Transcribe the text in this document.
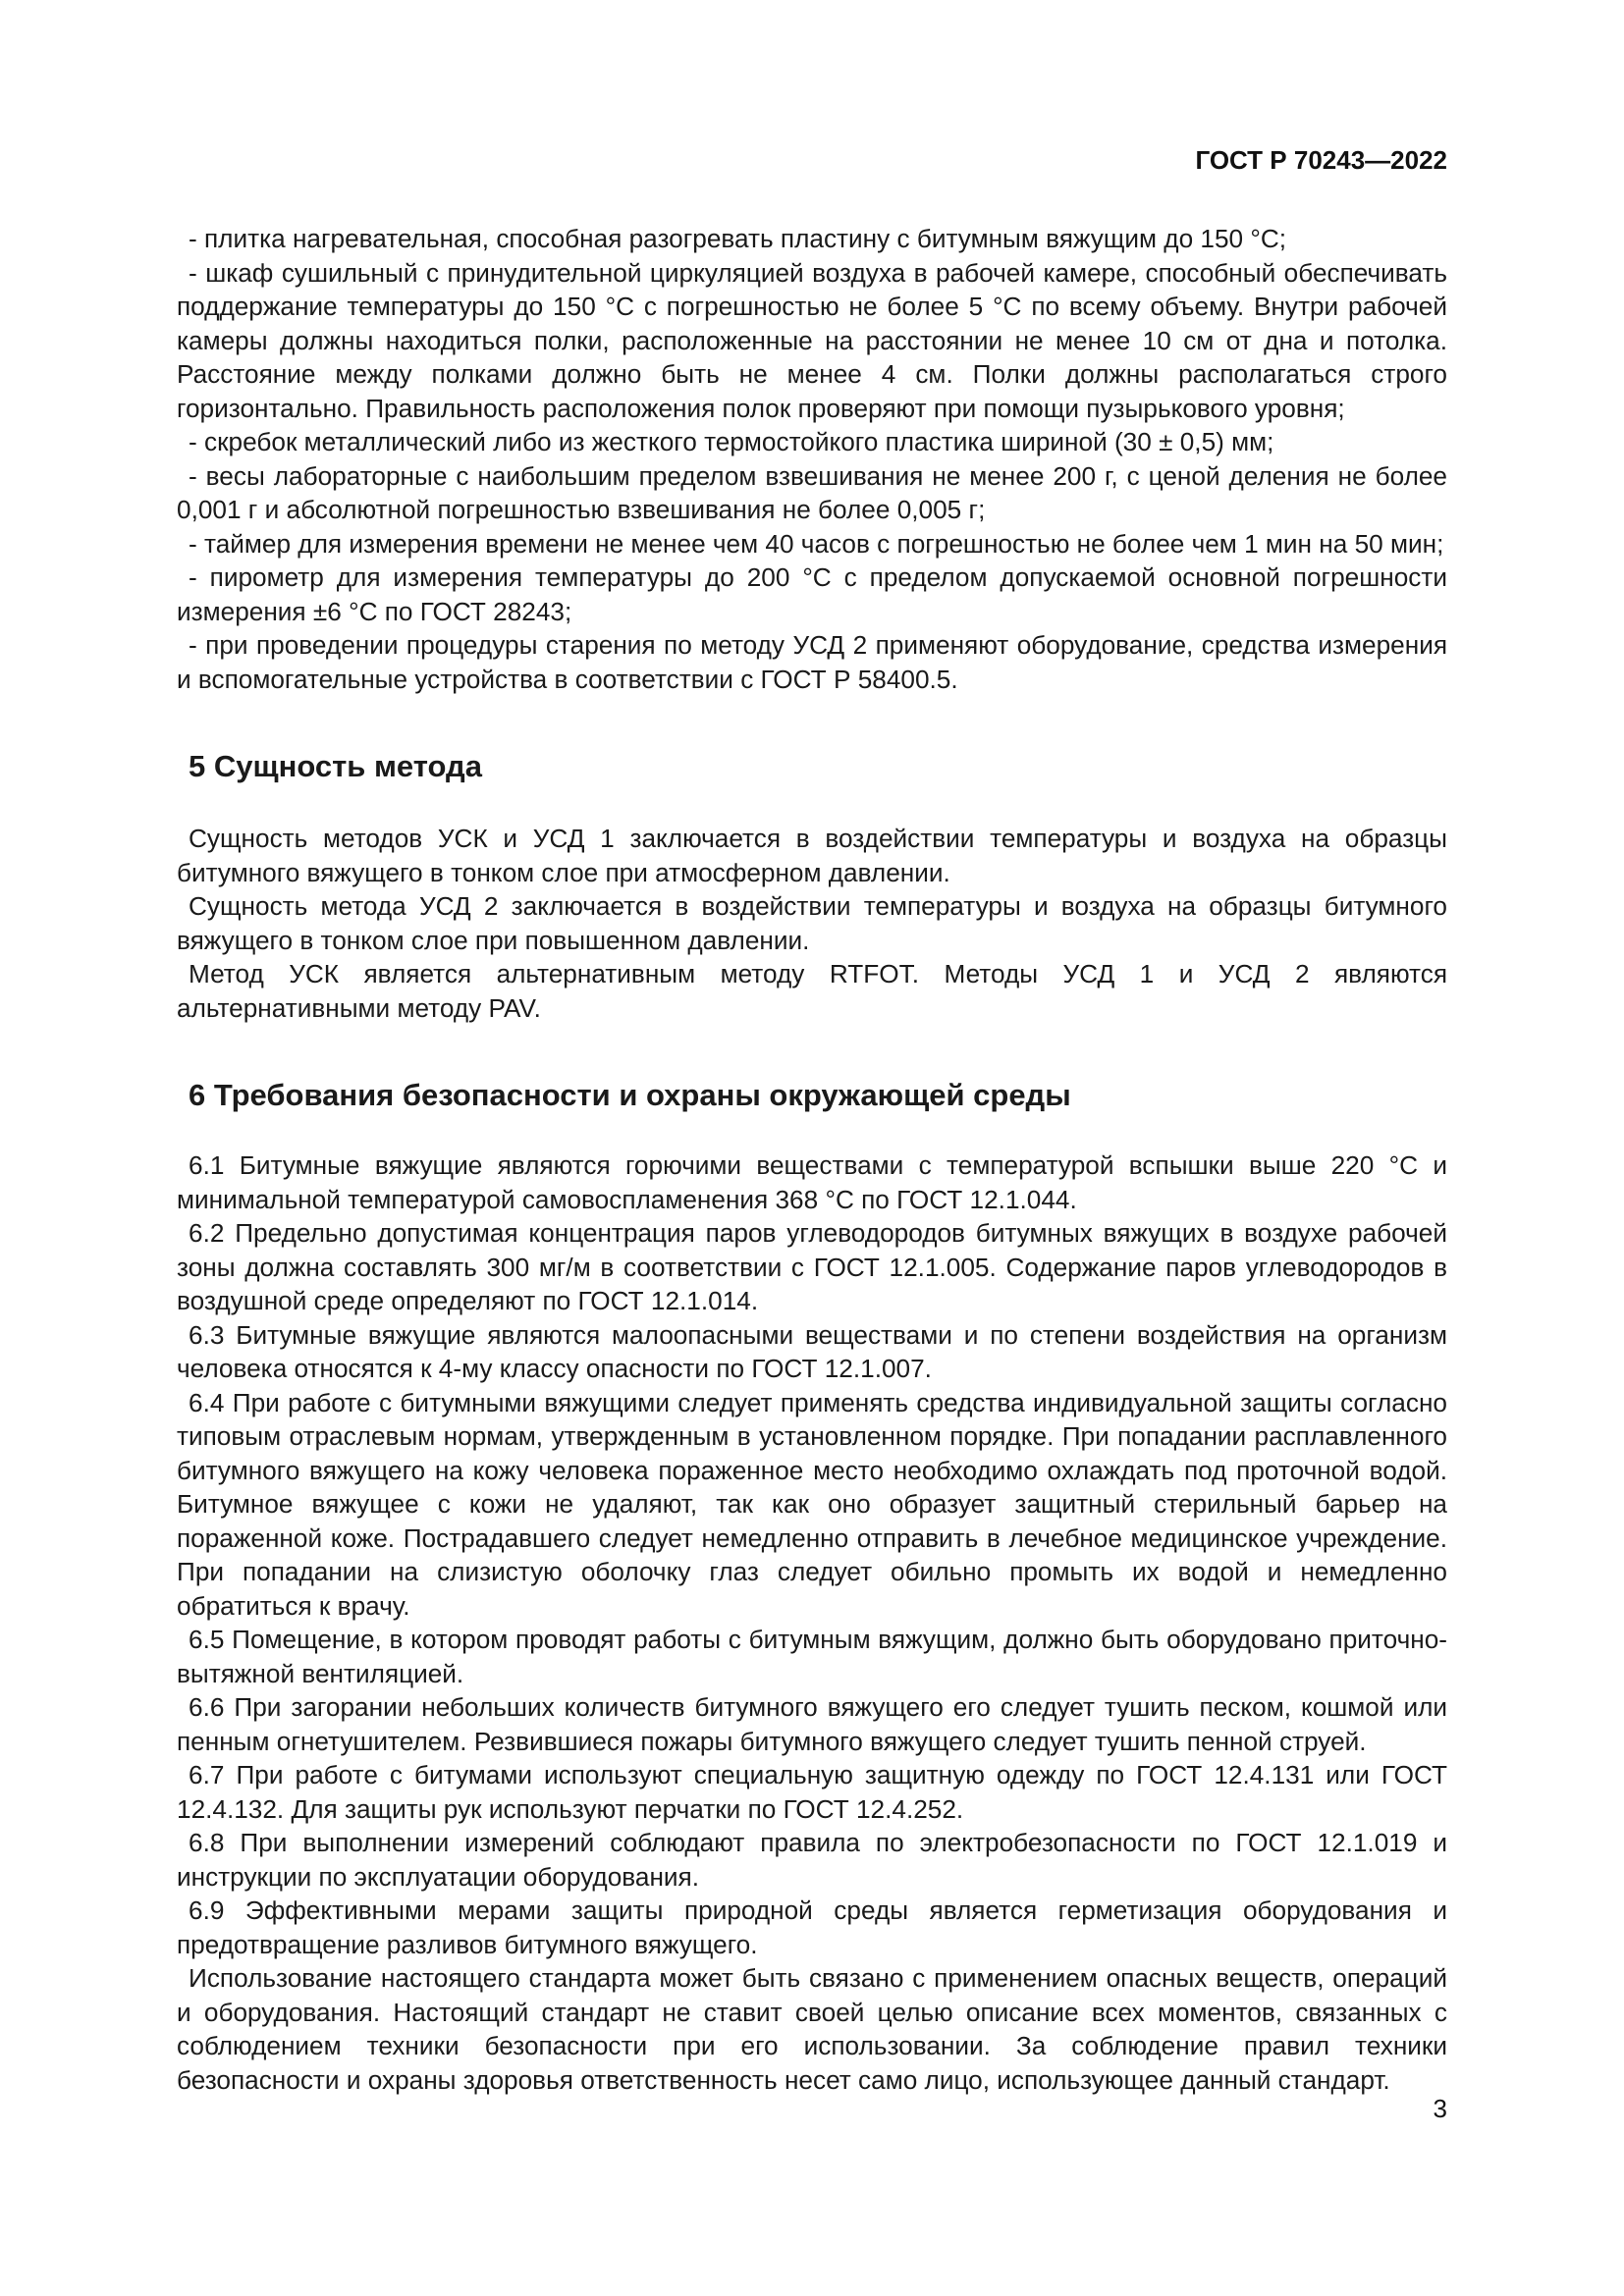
ГОСТ Р 70243—2022

- плитка нагревательная, способная разогревать пластину с битумным вяжущим до 150 °С;

- шкаф сушильный с принудительной циркуляцией воздуха в рабочей камере, способный обеспечивать поддержание температуры до 150 °С с погрешностью не более 5 °С по всему объему. Внутри рабочей камеры должны находиться полки, расположенные на расстоянии не менее 10 см от дна и потолка. Расстояние между полками должно быть не менее 4 см. Полки должны располагаться строго горизонтально. Правильность расположения полок проверяют при помощи пузырькового уровня;

- скребок металлический либо из жесткого термостойкого пластика шириной (30 ± 0,5) мм;

- весы лабораторные с наибольшим пределом взвешивания не менее 200 г, с ценой деления не более 0,001 г и абсолютной погрешностью взвешивания не более 0,005 г;

- таймер для измерения времени не менее чем 40 часов с погрешностью не более чем 1 мин на 50 мин;

- пирометр для измерения температуры до 200 °С с пределом допускаемой основной погрешности измерения ±6 °С по ГОСТ 28243;

- при проведении процедуры старения по методу УСД 2 применяют оборудование, средства измерения и вспомогательные устройства в соответствии с ГОСТ Р 58400.5.

5 Сущность метода

Сущность методов УСК и УСД 1 заключается в воздействии температуры и воздуха на образцы битумного вяжущего в тонком слое при атмосферном давлении.

Сущность метода УСД 2 заключается в воздействии температуры и воздуха на образцы битумного вяжущего в тонком слое при повышенном давлении.

Метод УСК является альтернативным методу RTFOT. Методы УСД 1 и УСД 2 являются альтернативными методу PAV.

6 Требования безопасности и охраны окружающей среды

6.1 Битумные вяжущие являются горючими веществами с температурой вспышки выше 220 °С и минимальной температурой самовоспламенения 368 °С по ГОСТ 12.1.044.

6.2 Предельно допустимая концентрация паров углеводородов битумных вяжущих в воздухе рабочей зоны должна составлять 300 мг/м в соответствии с ГОСТ 12.1.005. Содержание паров углеводородов в воздушной среде определяют по ГОСТ 12.1.014.

6.3 Битумные вяжущие являются малоопасными веществами и по степени воздействия на организм человека относятся к 4-му классу опасности по ГОСТ 12.1.007.

6.4 При работе с битумными вяжущими следует применять средства индивидуальной защиты согласно типовым отраслевым нормам, утвержденным в установленном порядке. При попадании расплавленного битумного вяжущего на кожу человека пораженное место необходимо охлаждать под проточной водой. Битумное вяжущее с кожи не удаляют, так как оно образует защитный стерильный барьер на пораженной коже. Пострадавшего следует немедленно отправить в лечебное медицинское учреждение. При попадании на слизистую оболочку глаз следует обильно промыть их водой и немедленно обратиться к врачу.

6.5 Помещение, в котором проводят работы с битумным вяжущим, должно быть оборудовано приточно-вытяжной вентиляцией.

6.6 При загорании небольших количеств битумного вяжущего его следует тушить песком, кошмой или пенным огнетушителем. Резвившиеся пожары битумного вяжущего следует тушить пенной струей.

6.7 При работе с битумами используют специальную защитную одежду по ГОСТ 12.4.131 или ГОСТ 12.4.132. Для защиты рук используют перчатки по ГОСТ 12.4.252.

6.8 При выполнении измерений соблюдают правила по электробезопасности по ГОСТ 12.1.019 и инструкции по эксплуатации оборудования.

6.9 Эффективными мерами защиты природной среды является герметизация оборудования и предотвращение разливов битумного вяжущего.

Использование настоящего стандарта может быть связано с применением опасных веществ, операций и оборудования. Настоящий стандарт не ставит своей целью описание всех моментов, связанных с соблюдением техники безопасности при его использовании. За соблюдение правил техники безопасности и охраны здоровья ответственность несет само лицо, использующее данный стандарт.

3
